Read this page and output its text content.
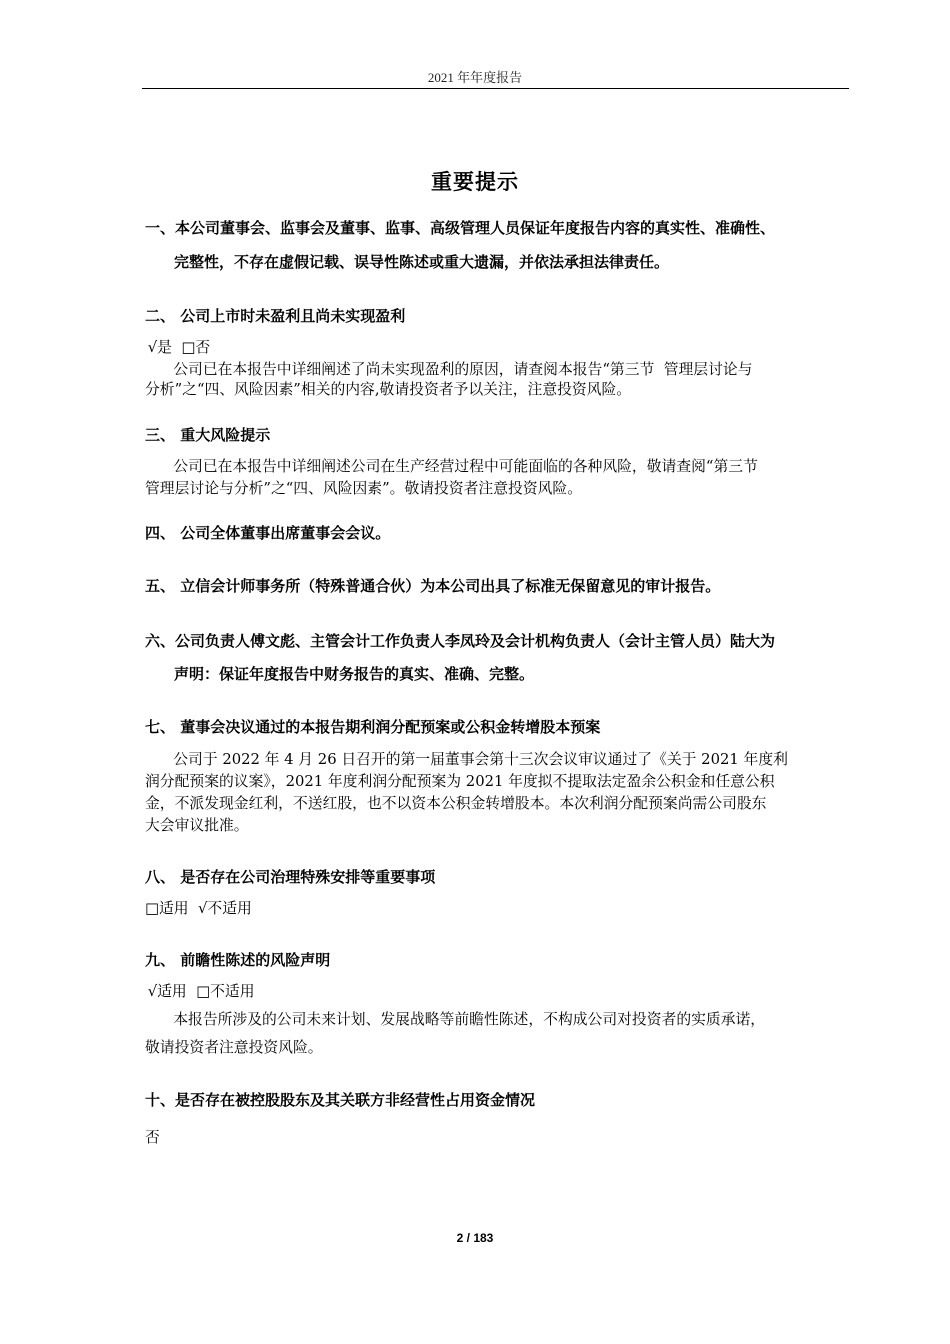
2021 年年度报告
重要提示
一、本公司董事会、监事会及董事、监事、高级管理人员保证年度报告内容的真实性、准确性、
完整性，不存在虚假记载、误导性陈述或重大遗漏，并依法承担法律责任。
二、 公司上市时未盈利且尚未实现盈利
√是  □否
公司已在本报告中详细阐述了尚未实现盈利的原因，请查阅本报告“第三节  管理层讨论与
分析”之“四、风险因素”相关的内容,敬请投资者予以关注，注意投资风险。
三、 重大风险提示
公司已在本报告中详细阐述公司在生产经营过程中可能面临的各种风险，敬请查阅“第三节
管理层讨论与分析”之“四、风险因素”。敬请投资者注意投资风险。
四、 公司全体董事出席董事会会议。
五、 立信会计师事务所（特殊普通合伙）为本公司出具了标准无保留意见的审计报告。
六、公司负责人傅文彪、主管会计工作负责人李凤玲及会计机构负责人（会计主管人员）陆大为
声明：保证年度报告中财务报告的真实、准确、完整。
七、 董事会决议通过的本报告期利润分配预案或公积金转增股本预案
公司于 2022 年 4 月 26 日召开的第一届董事会第十三次会议审议通过了《关于 2021 年度利
润分配预案的议案》，2021 年度利润分配预案为 2021 年度拟不提取法定盈余公积金和任意公积
金，不派发现金红利，不送红股，也不以资本公积金转增股本。本次利润分配预案尚需公司股东
大会审议批准。
八、 是否存在公司治理特殊安排等重要事项
□适用  √不适用
九、 前瞻性陈述的风险声明
√适用  □不适用
本报告所涉及的公司未来计划、发展战略等前瞻性陈述，不构成公司对投资者的实质承诺，
敬请投资者注意投资风险。
十、是否存在被控股股东及其关联方非经营性占用资金情况
否
2 / 183
